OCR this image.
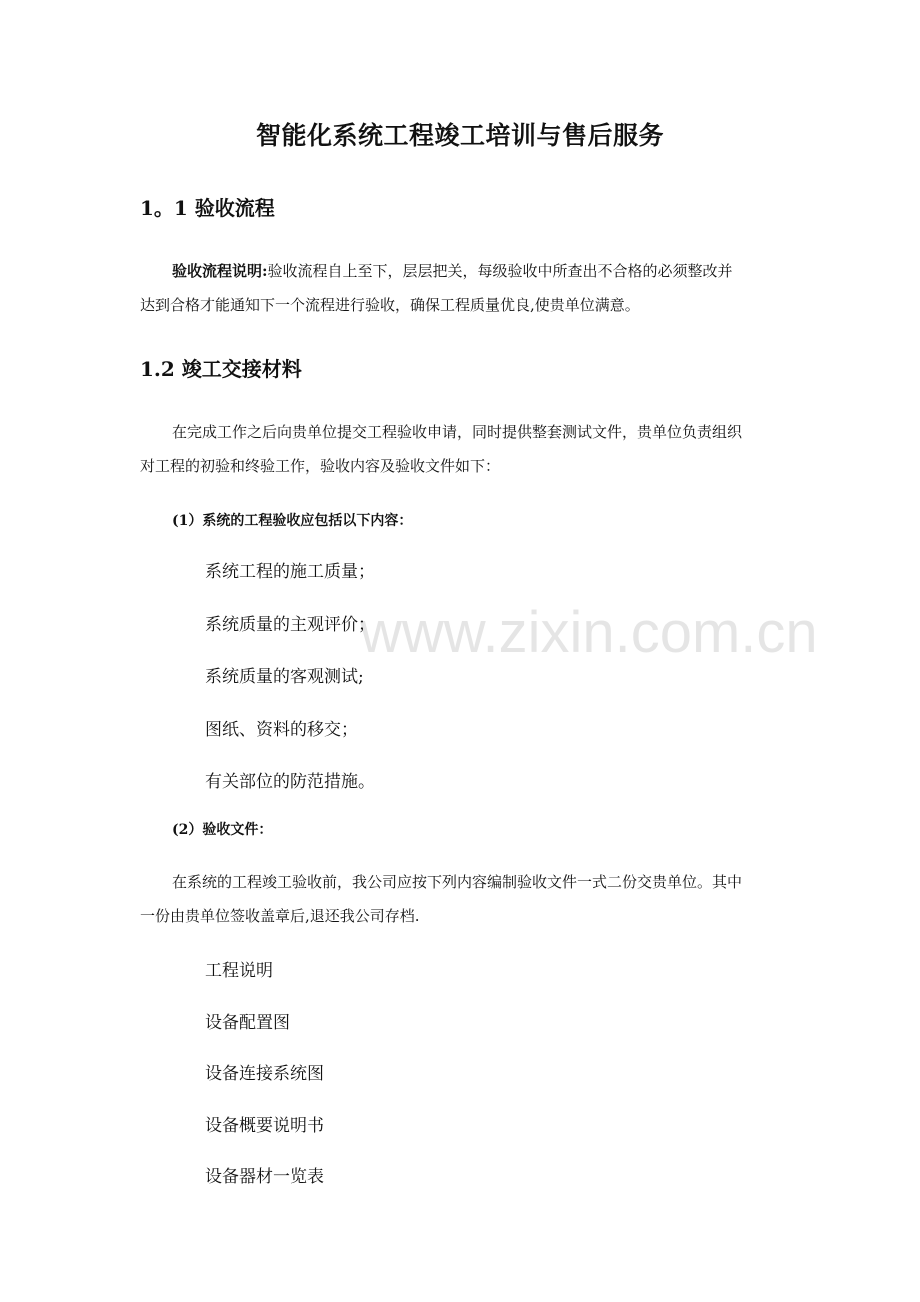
智能化系统工程竣工培训与售后服务
1。1 验收流程
验收流程说明:验收流程自上至下，层层把关，每级验收中所查出不合格的必须整改并
达到合格才能通知下一个流程进行验收，确保工程质量优良,使贵单位满意。
1.2 竣工交接材料
在完成工作之后向贵单位提交工程验收申请，同时提供整套测试文件，贵单位负责组织
对工程的初验和终验工作，验收内容及验收文件如下：
(1）系统的工程验收应包括以下内容：
系统工程的施工质量；
系统质量的主观评价；
系统质量的客观测试;
图纸、资料的移交；
有关部位的防范措施。
(2）验收文件：
在系统的工程竣工验收前，我公司应按下列内容编制验收文件一式二份交贵单位。其中
一份由贵单位签收盖章后,退还我公司存档.
工程说明
设备配置图
设备连接系统图
设备概要说明书
设备器材一览表
www.zixin.com.cn
